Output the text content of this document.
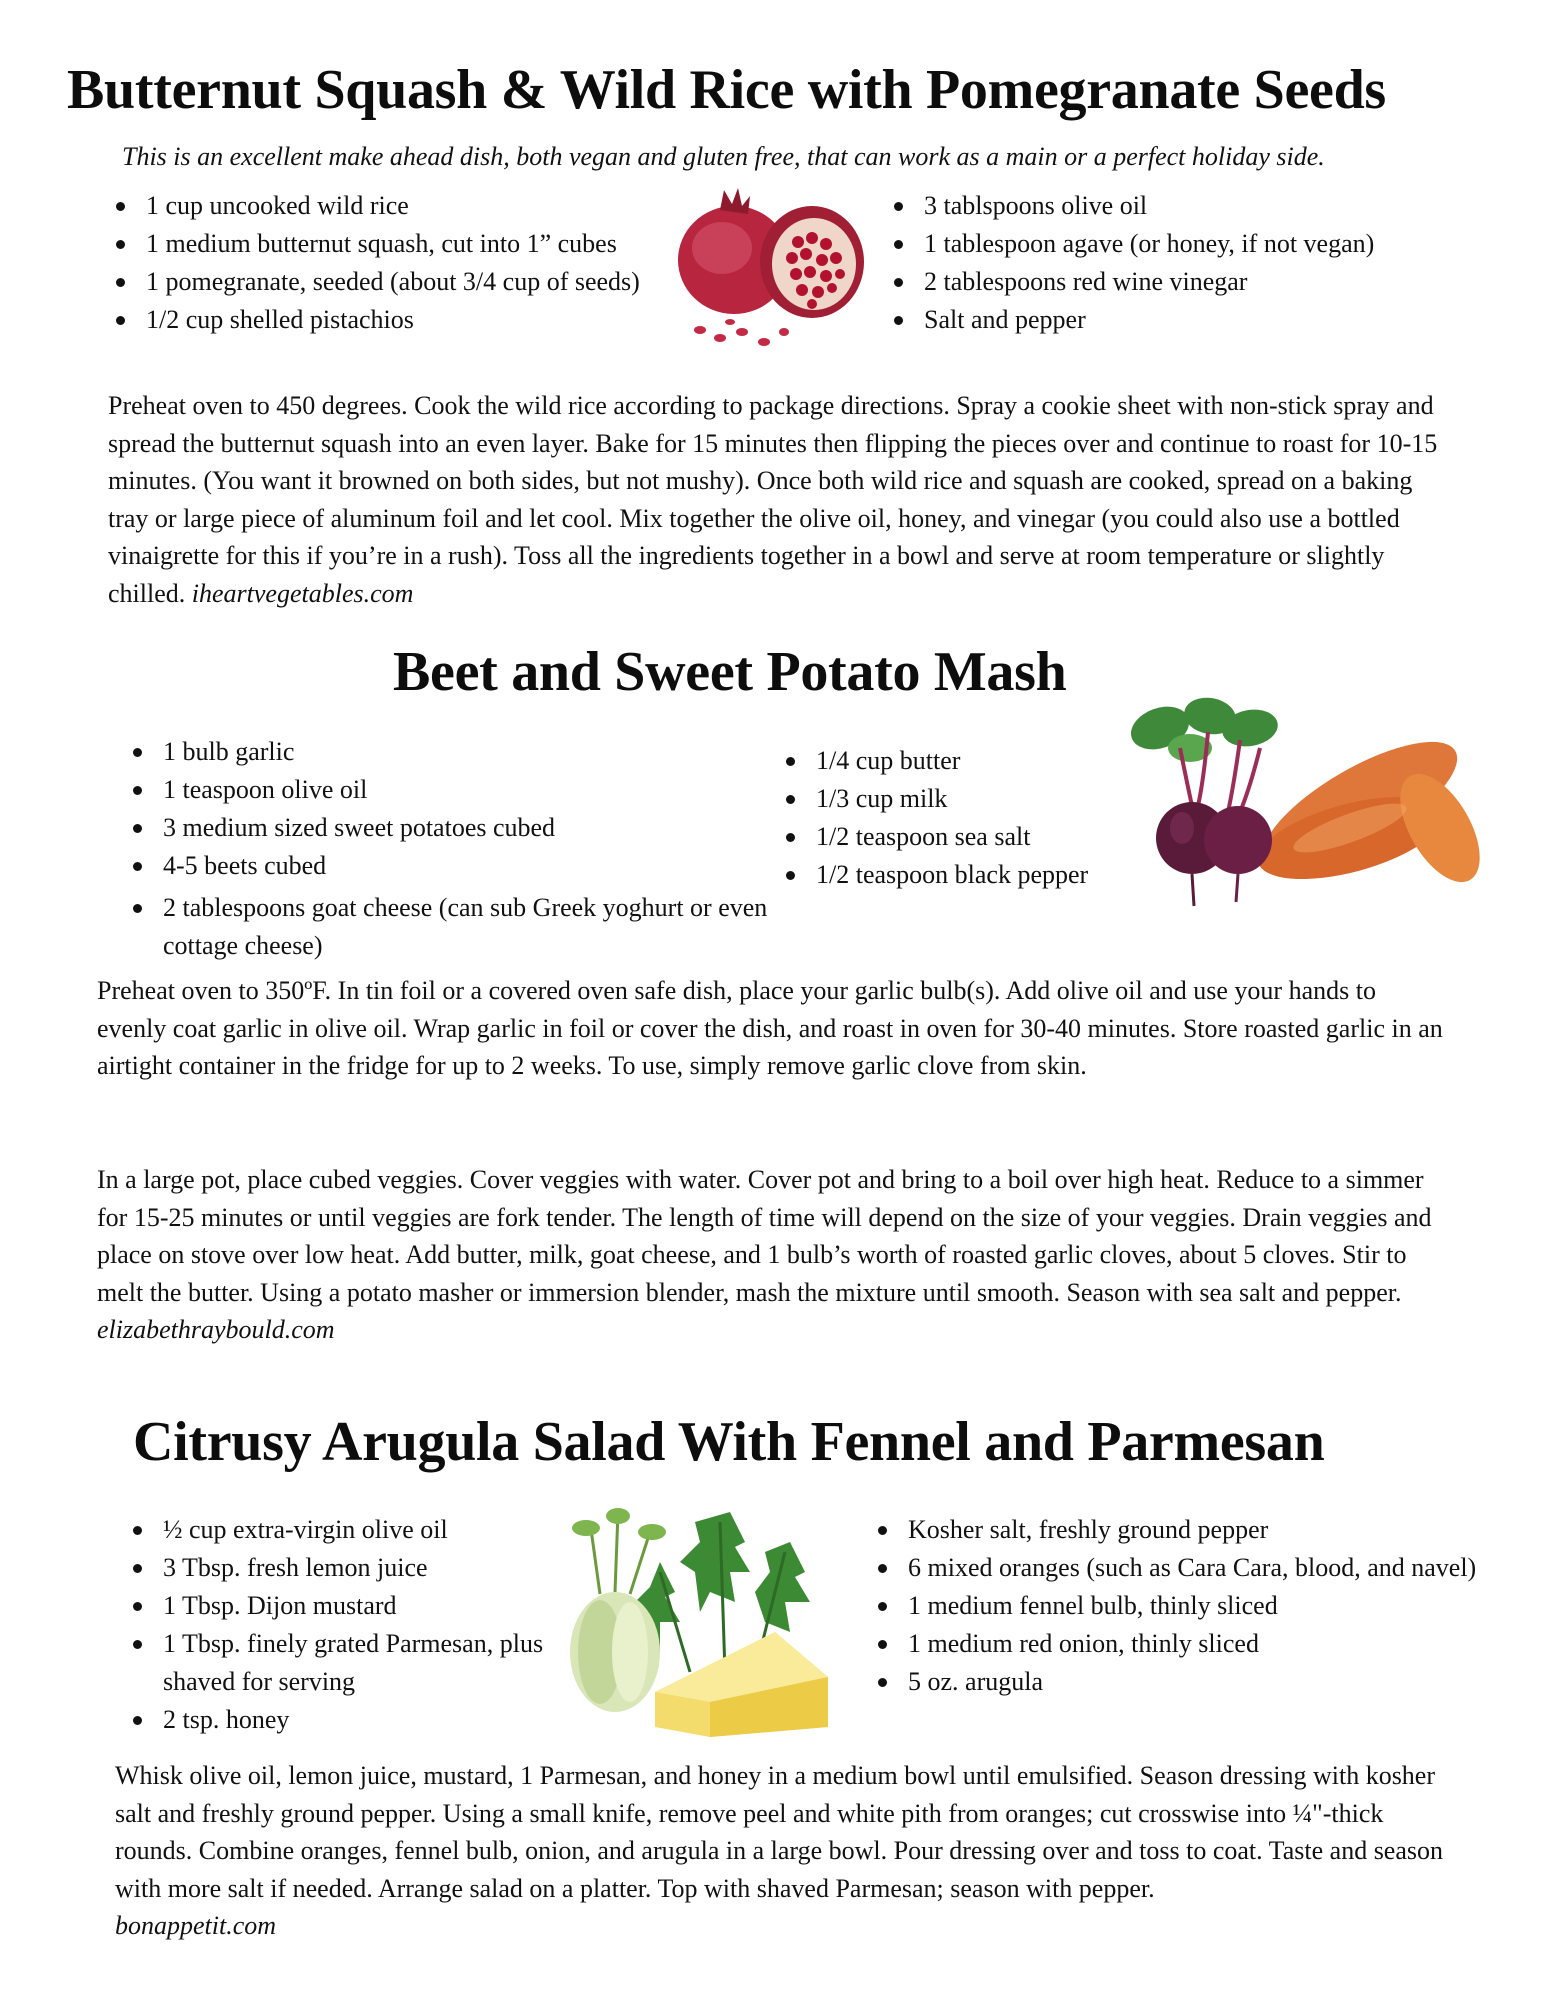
Butternut Squash & Wild Rice with Pomegranate Seeds

This is an excellent make ahead dish, both vegan and gluten free, that can work as a main or a perfect holiday side.

1 cup uncooked wild rice
1 medium butternut squash, cut into 1” cubes
1 pomegranate, seeded (about 3/4 cup of seeds)
1/2 cup shelled pistachios
3 tablspoons olive oil
1 tablespoon agave (or honey, if not vegan)
2 tablespoons red wine vinegar
Salt and pepper

Preheat oven to 450 degrees. Cook the wild rice according to package directions. Spray a cookie sheet with non-stick spray and spread the butternut squash into an even layer. Bake for 15 minutes then flipping the pieces over and continue to roast for 10-15 minutes. (You want it browned on both sides, but not mushy). Once both wild rice and squash are cooked, spread on a baking tray or large piece of aluminum foil and let cool. Mix together the olive oil, honey, and vinegar (you could also use a bottled vinaigrette for this if you’re in a rush). Toss all the ingredients together in a bowl and serve at room temperature or slightly chilled. iheartvegetables.com

Beet and Sweet Potato Mash
1 bulb garlic
1 teaspoon olive oil
3 medium sized sweet potatoes cubed
4-5 beets cubed
2 tablespoons goat cheese (can sub Greek yoghurt or even cottage cheese)
1/4 cup butter
1/3 cup milk
1/2 teaspoon sea salt
1/2 teaspoon black pepper

Preheat oven to 350ºF. In tin foil or a covered oven safe dish, place your garlic bulb(s). Add olive oil and use your hands to evenly coat garlic in olive oil. Wrap garlic in foil or cover the dish, and roast in oven for 30-40 minutes. Store roasted garlic in an airtight container in the fridge for up to 2 weeks. To use, simply remove garlic clove from skin.

In a large pot, place cubed veggies. Cover veggies with water. Cover pot and bring to a boil over high heat. Reduce to a simmer for 15-25 minutes or until veggies are fork tender. The length of time will depend on the size of your veggies. Drain veggies and place on stove over low heat. Add butter, milk, goat cheese, and 1 bulb’s worth of roasted garlic cloves, about 5 cloves. Stir to melt the butter. Using a potato masher or immersion blender, mash the mixture until smooth. Season with sea salt and pepper. elizabethraybould.com

Citrusy Arugula Salad With Fennel and Parmesan
½ cup extra-virgin olive oil
3 Tbsp. fresh lemon juice
1 Tbsp. Dijon mustard
1 Tbsp. finely grated Parmesan, plus shaved for serving
2 tsp. honey
Kosher salt, freshly ground pepper
6 mixed oranges (such as Cara Cara, blood, and navel)
1 medium fennel bulb, thinly sliced
1 medium red onion, thinly sliced
5 oz. arugula

Whisk olive oil, lemon juice, mustard, 1 Parmesan, and honey in a medium bowl until emulsified. Season dressing with kosher salt and freshly ground pepper. Using a small knife, remove peel and white pith from oranges; cut crosswise into ¼"-thick rounds. Combine oranges, fennel bulb, onion, and arugula in a large bowl. Pour dressing over and toss to coat. Taste and season with more salt if needed. Arrange salad on a platter. Top with shaved Parmesan; season with pepper.
bonappetit.com
